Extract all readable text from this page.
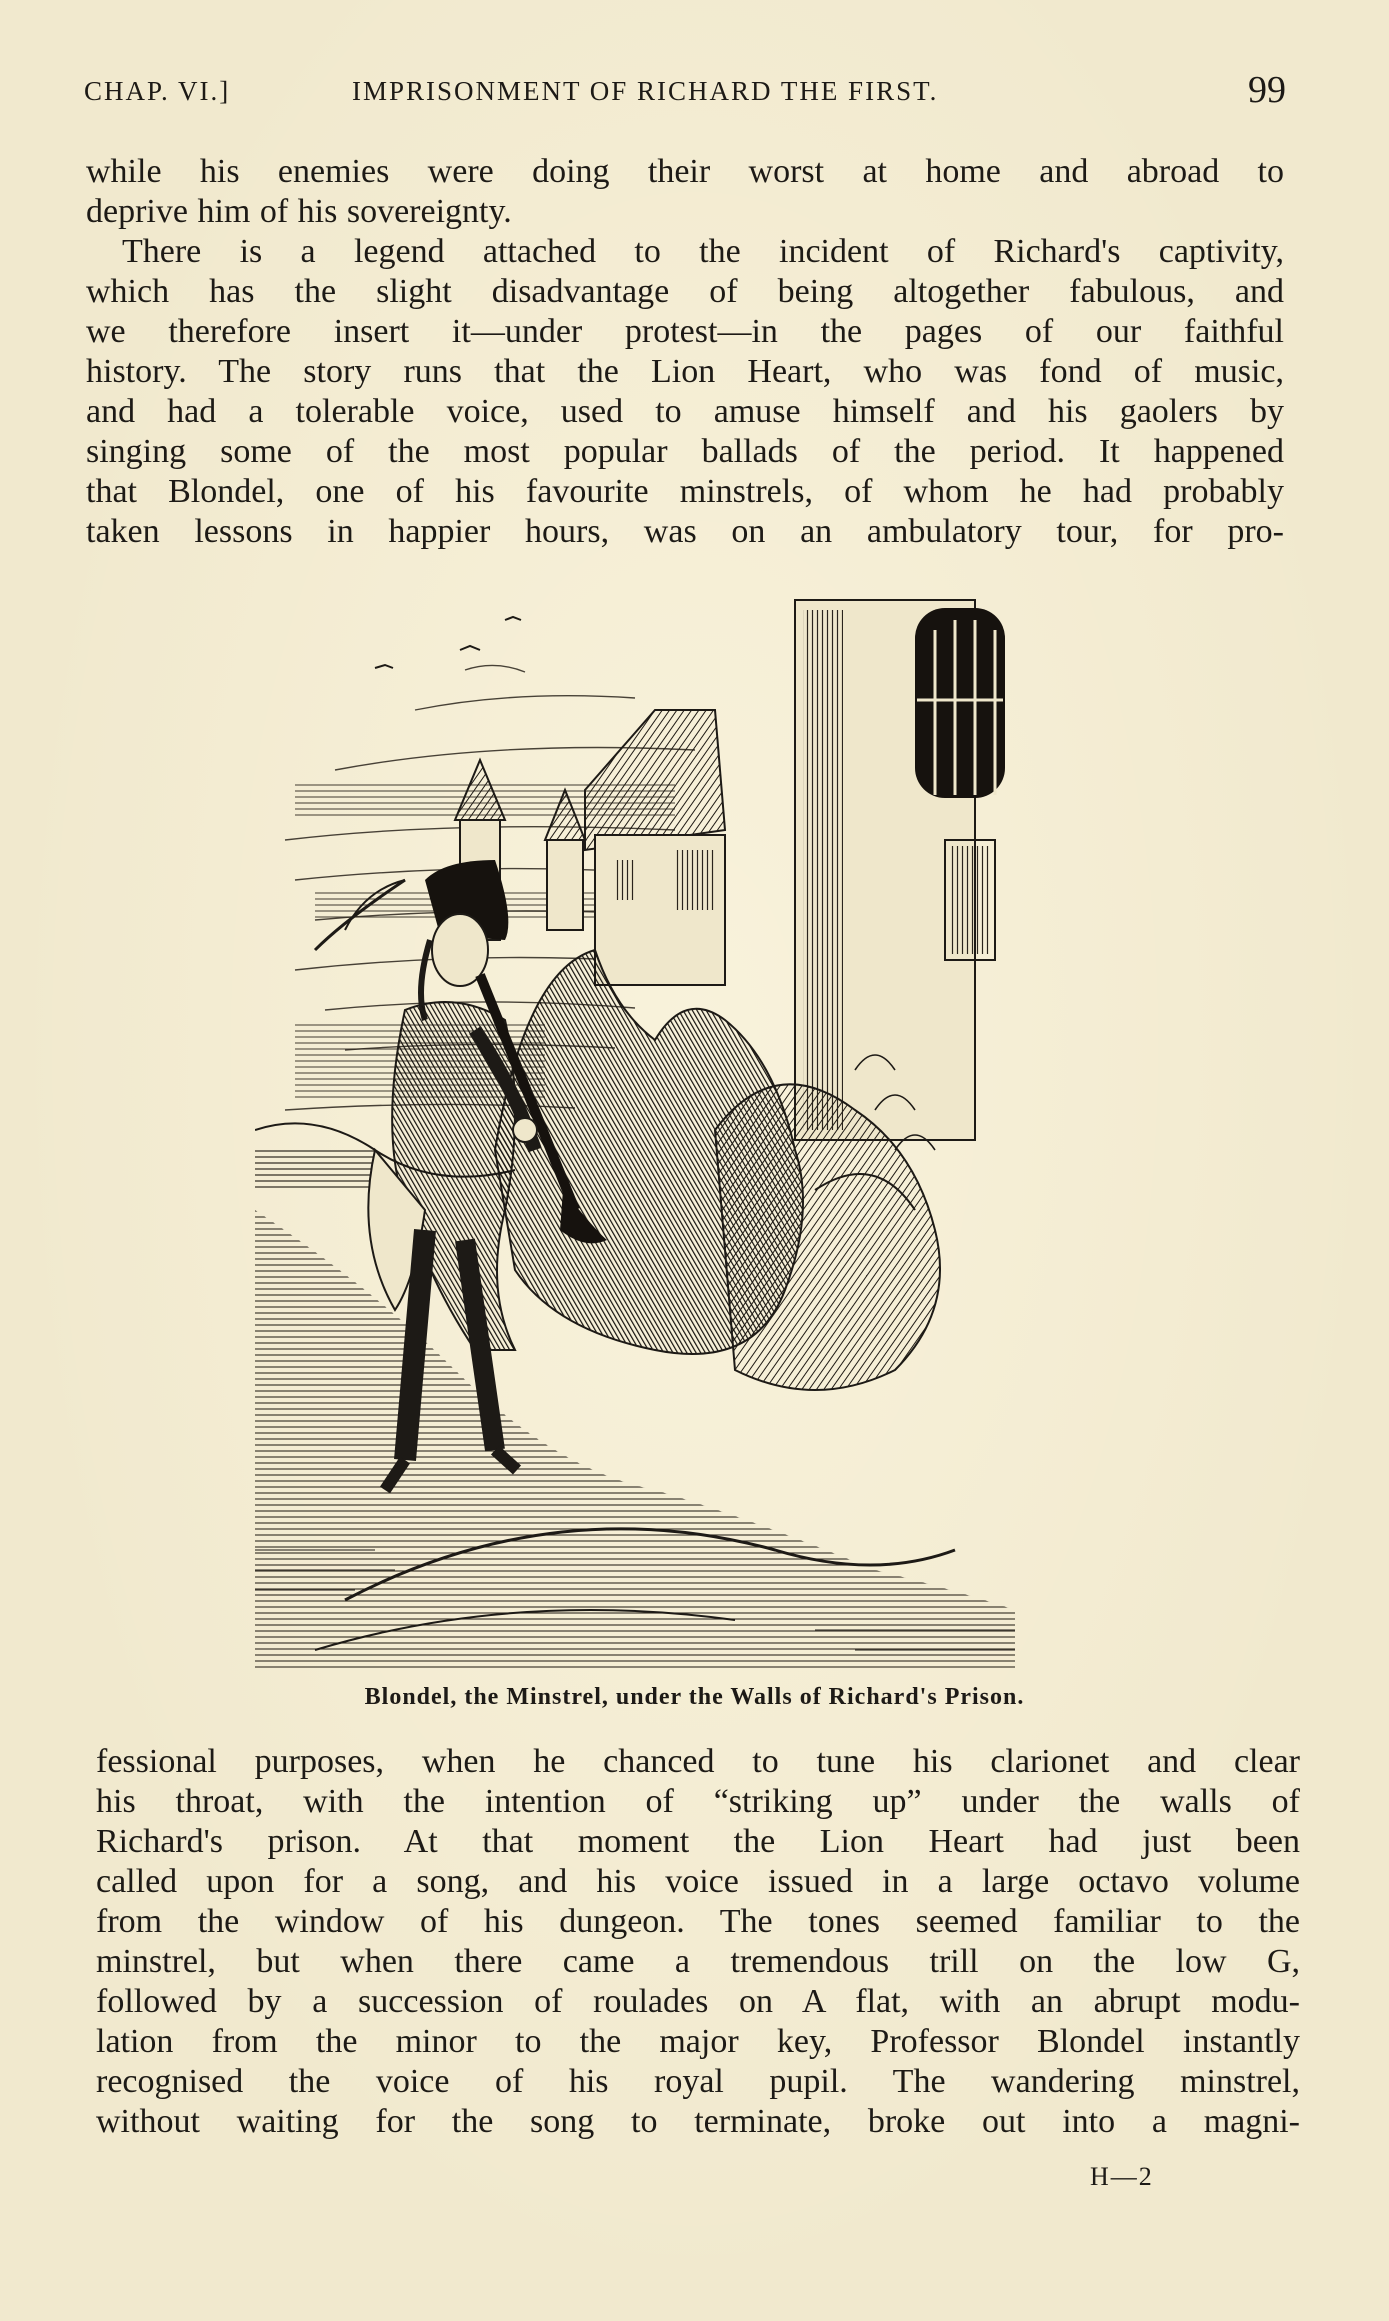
CHAP. VI.]	IMPRISONMENT OF RICHARD THE FIRST.	99
while his enemies were doing their worst at home and abroad to
deprive him of his sovereignty.
There is a legend attached to the incident of Richard's captivity,
which has the slight disadvantage of being altogether fabulous, and
we therefore insert it—under protest—in the pages of our faithful
history. The story runs that the Lion Heart, who was fond of music,
and had a tolerable voice, used to amuse himself and his gaolers by
singing some of the most popular ballads of the period. It happened
that Blondel, one of his favourite minstrels, of whom he had probably
taken lessons in happier hours, was on an ambulatory tour, for pro-
Blondel, the Minstrel, under the Walls of Richard's Prison.
fessional purposes, when he chanced to tune his clarionet and clear
his throat, with the intention of “striking up” under the walls of
Richard's prison. At that moment the Lion Heart had just been
called upon for a song, and his voice issued in a large octavo volume
from the window of his dungeon. The tones seemed familiar to the
minstrel, but when there came a tremendous trill on the low G,
followed by a succession of roulades on A flat, with an abrupt modu-
lation from the minor to the major key, Professor Blondel instantly
recognised the voice of his royal pupil. The wandering minstrel,
without waiting for the song to terminate, broke out into a magni-
H—2
